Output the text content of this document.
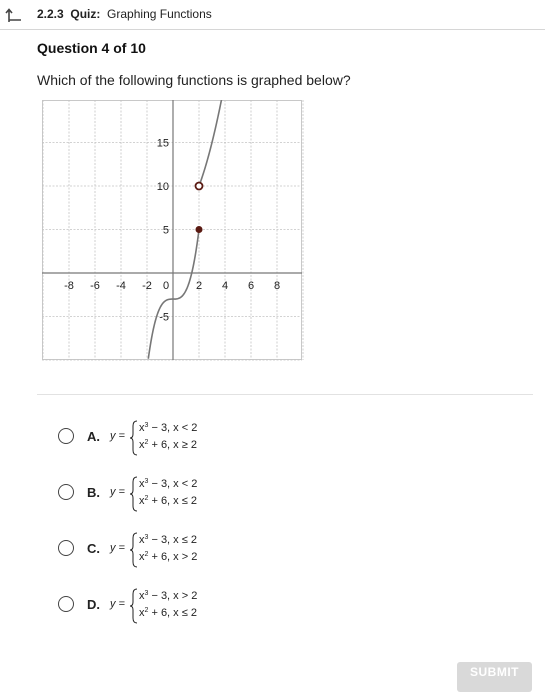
2.2.3 Quiz: Graphing Functions
Question 4 of 10
Which of the following functions is graphed below?
-8 -6 -4 -2 0 2 4 6 8
15
10
5
-5
A. y =
$x^3 - 3$, x < 2
$x^2 + 6$, x ≥ 2
B. y =
$x^3 - 3$, x < 2
$x^2 + 6$, x ≤ 2
C. y =
$x^3 - 3$, x ≤ 2
$x^2 + 6$, x > 2
D. y =
$x^3 - 3$, x > 2
$x^2 + 6$, x ≤ 2
SUBMIT
